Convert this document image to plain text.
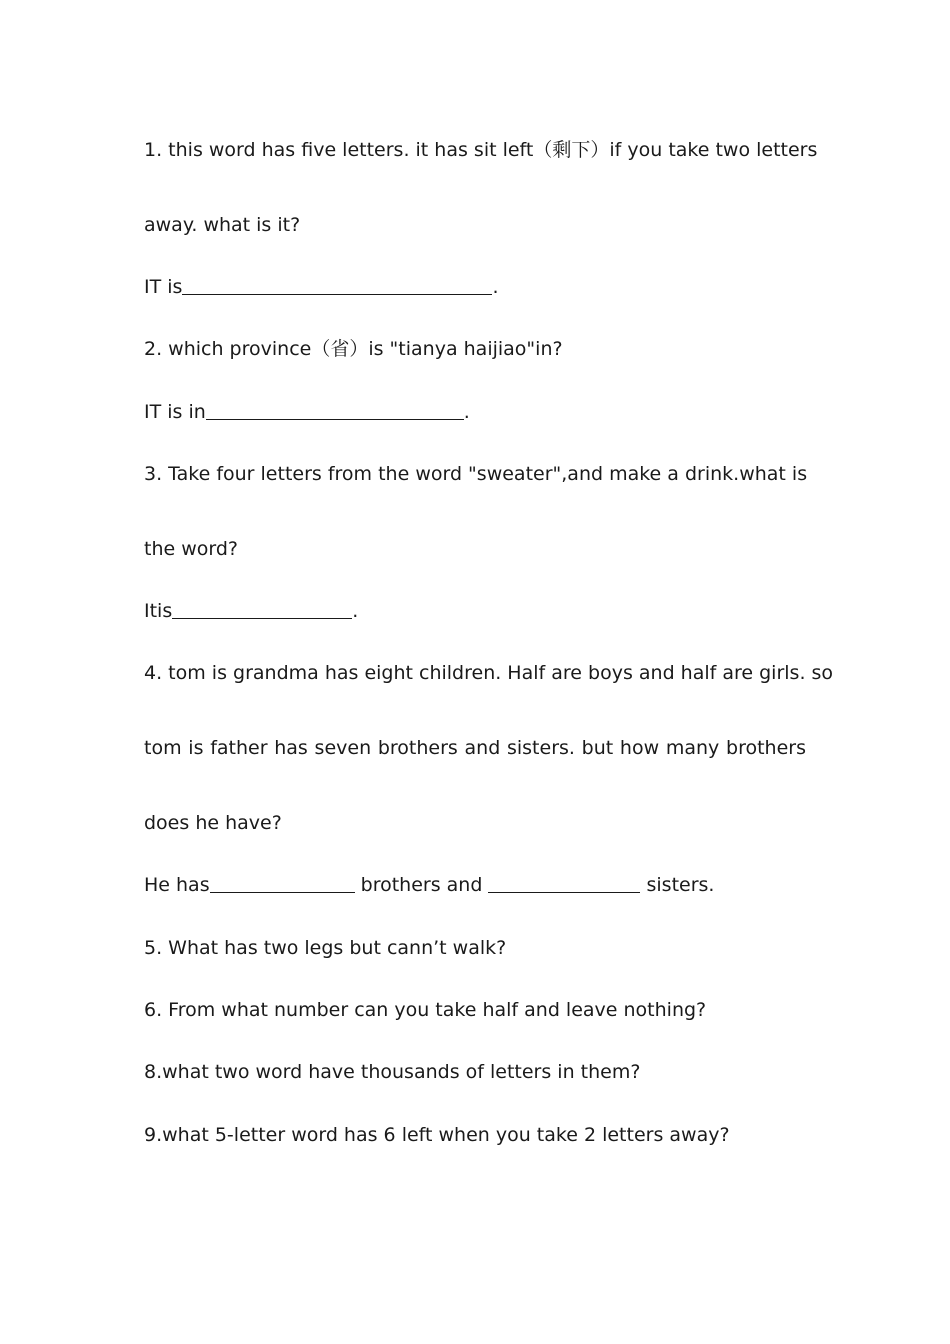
1. this word has five letters. it has sit left（剩下）if you take two letters
away. what is it?
IT is	.
2. which province（省）is "tianya haijiao"in?
IT is in	.
3. Take four letters from the word "sweater",and make a drink.what is
the word?
Itis	.
4. tom is grandma has eight children. Half are boys and half are girls. so
tom is father has seven brothers and sisters. but how many brothers
does he have?
He has	brothers and	sisters.
5. What has two legs but cann’t walk?
6. From what number can you take half and leave nothing?
8.what two word have thousands of letters in them?
9.what 5-letter word has 6 left when you take 2 letters away?
